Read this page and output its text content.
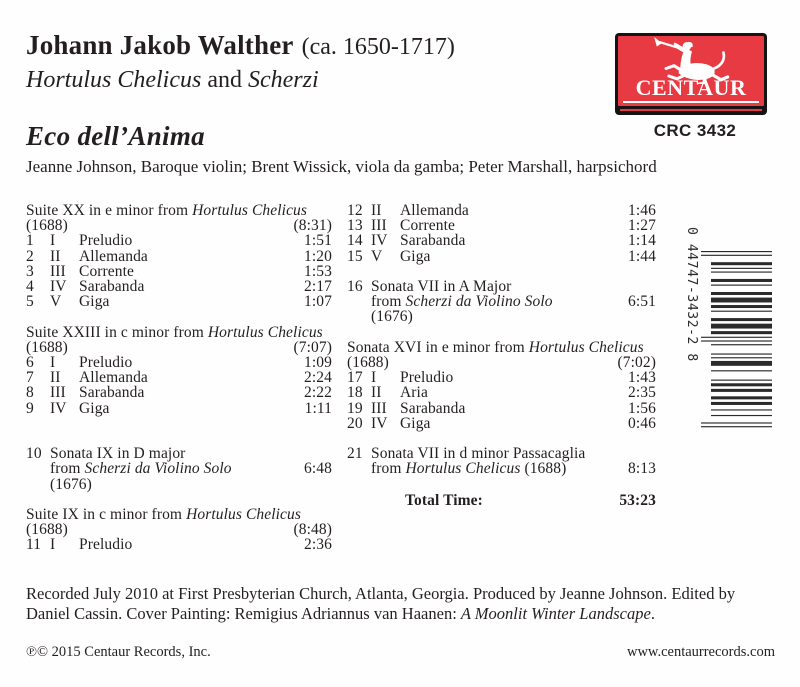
Johann Jakob Walther (ca. 1650-1717)
Hortulus Chelicus and Scherzi
Eco dell’Anima
Jeanne Johnson, Baroque violin; Brent Wissick, viola da gamba; Peter Marshall, harpsichord
CENTAUR
CRC 3432
Suite XX in e minor from Hortulus Chelicus
(1688)	(8:31)
1	I	Preludio	1:51
2	II	Allemanda	1:20
3	III Corrente	1:53
4	IV Sarabanda	2:17
5	V	Giga	1:07
Suite XXIII in c minor from Hortulus Chelicus
(1688)	(7:07)
6	I	Preludio	1:09
7	II	Allemanda	2:24
8	III Sarabanda	2:22
9	IV Giga	1:11
10 Sonata IX in D major
from Scherzi da Violino Solo (1676)
6:48
Suite IX in c minor from Hortulus Chelicus
(1688)	(8:48)
11 I	Preludio	2:36
12 II	Allemanda	1:46
13 III Corrente	1:27
14 IV Sarabanda	1:14
15 V	Giga	1:44
16 Sonata VII in A Major
from Scherzi da Violino Solo (1676)
6:51
Sonata XVI in e minor from Hortulus Chelicus
(1688)	(7:02)
17 I	Preludio	1:43
18 II	Aria	2:35
19 III Sarabanda	1:56
20 IV Giga	0:46
21 Sonata VII in d minor Passacaglia
from Hortulus Chelicus (1688)	8:13
Total Time:	53:23
0 44747-3432-2 8
Recorded July 2010 at First Presbyterian Church, Atlanta, Georgia. Produced by Jeanne Johnson. Edited by Daniel Cassin. Cover Painting: Remigius Adriannus van Haanen: A Moonlit Winter Landscape.
℗© 2015 Centaur Records, Inc.	www.centaurrecords.com
